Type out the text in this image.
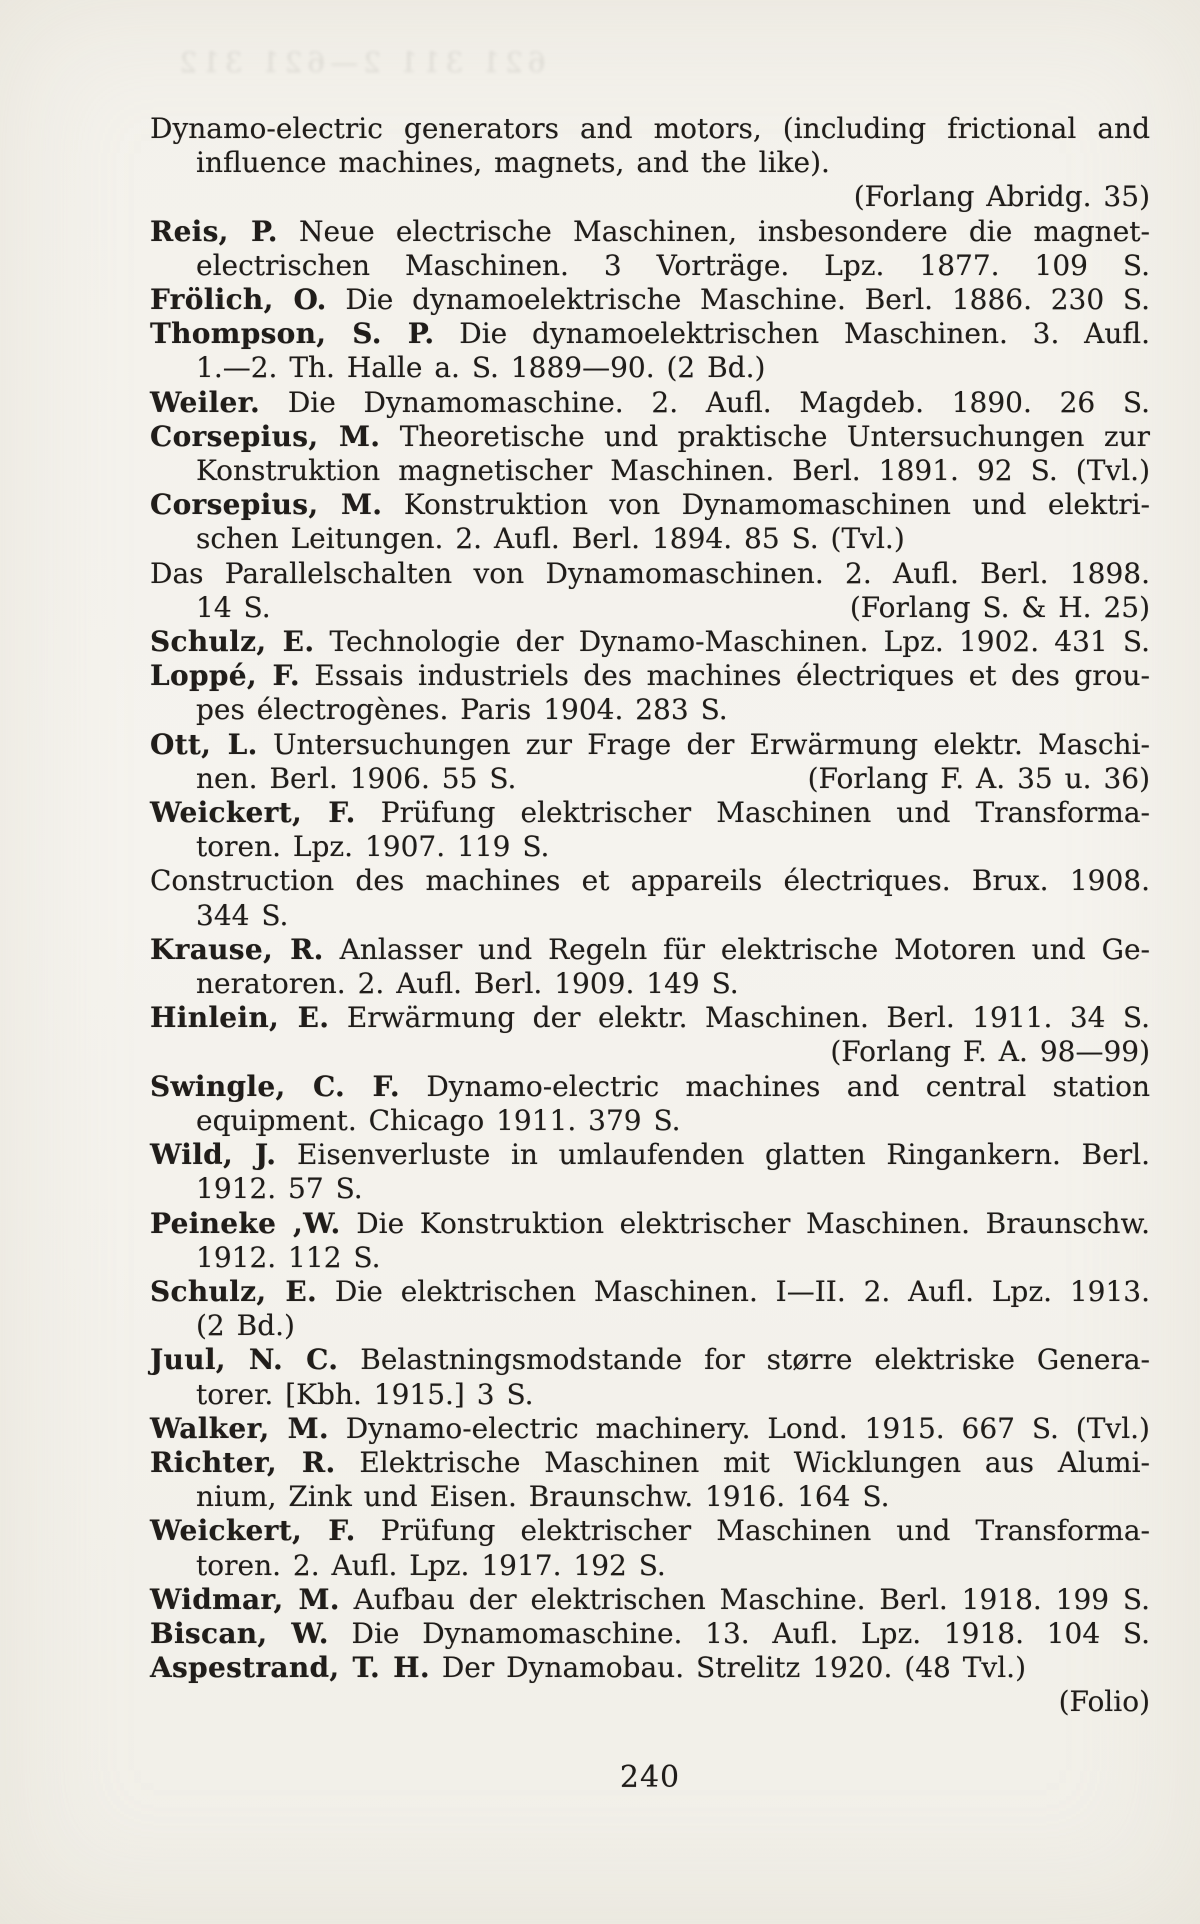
621 311 2—621 312
Dynamo-electric generators and motors, (including frictional and
influence machines, magnets, and the like).
(Forlang Abridg. 35)
Reis, P. Neue electrische Maschinen, insbesondere die magnet-
electrischen Maschinen. 3 Vorträge. Lpz. 1877. 109 S.
Frölich, O. Die dynamoelektrische Maschine. Berl. 1886. 230 S.
Thompson, S. P. Die dynamoelektrischen Maschinen. 3. Aufl.
1.—2. Th. Halle a. S. 1889—90. (2 Bd.)
Weiler. Die Dynamomaschine. 2. Aufl. Magdeb. 1890. 26 S.
Corsepius, M. Theoretische und praktische Untersuchungen zur
Konstruktion magnetischer Maschinen. Berl. 1891. 92 S. (Tvl.)
Corsepius, M. Konstruktion von Dynamomaschinen und elektri-
schen Leitungen. 2. Aufl. Berl. 1894. 85 S. (Tvl.)
Das Parallelschalten von Dynamomaschinen. 2. Aufl. Berl. 1898.
14 S.	(Forlang S. & H. 25)
Schulz, E. Technologie der Dynamo-Maschinen. Lpz. 1902. 431 S.
Loppé, F. Essais industriels des machines électriques et des grou-
pes électrogènes. Paris 1904. 283 S.
Ott, L. Untersuchungen zur Frage der Erwärmung elektr. Maschi-
nen. Berl. 1906. 55 S.	(Forlang F. A. 35 u. 36)
Weickert, F. Prüfung elektrischer Maschinen und Transforma-
toren. Lpz. 1907. 119 S.
Construction des machines et appareils électriques. Brux. 1908.
344 S.
Krause, R. Anlasser und Regeln für elektrische Motoren und Ge-
neratoren. 2. Aufl. Berl. 1909. 149 S.
Hinlein, E. Erwärmung der elektr. Maschinen. Berl. 1911. 34 S.
(Forlang F. A. 98—99)
Swingle, C. F. Dynamo-electric machines and central station
equipment. Chicago 1911. 379 S.
Wild, J. Eisenverluste in umlaufenden glatten Ringankern. Berl.
1912. 57 S.
Peineke ,W. Die Konstruktion elektrischer Maschinen. Braunschw.
1912. 112 S.
Schulz, E. Die elektrischen Maschinen. I—II. 2. Aufl. Lpz. 1913.
(2 Bd.)
Juul, N. C. Belastningsmodstande for større elektriske Genera-
torer. [Kbh. 1915.] 3 S.
Walker, M. Dynamo-electric machinery. Lond. 1915. 667 S. (Tvl.)
Richter, R. Elektrische Maschinen mit Wicklungen aus Alumi-
nium, Zink und Eisen. Braunschw. 1916. 164 S.
Weickert, F. Prüfung elektrischer Maschinen und Transforma-
toren. 2. Aufl. Lpz. 1917. 192 S.
Widmar, M. Aufbau der elektrischen Maschine. Berl. 1918. 199 S.
Biscan, W. Die Dynamomaschine. 13. Aufl. Lpz. 1918. 104 S.
Aspestrand, T. H. Der Dynamobau. Strelitz 1920. (48 Tvl.)
(Folio)
240
